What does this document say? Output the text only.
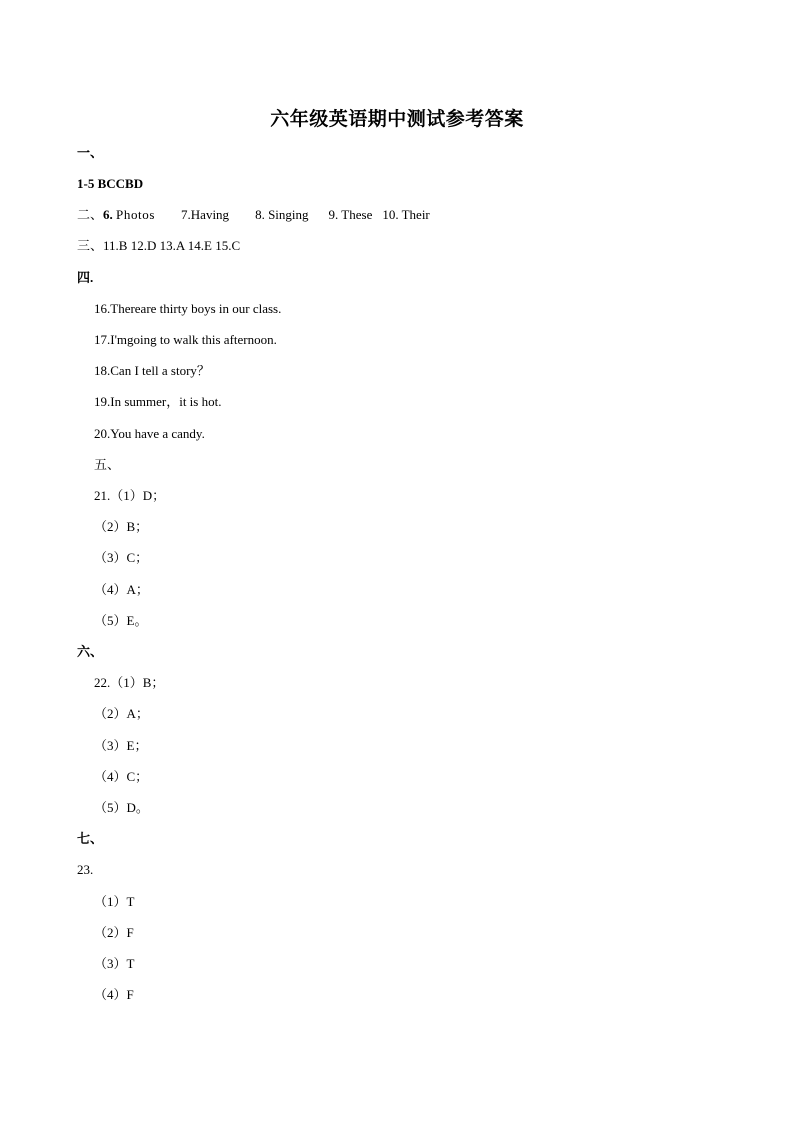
六年级英语期中测试参考答案
一、
1-5 BCCBD
二、6. Photos 7.Having 8. Singing 9. These 10. Their
三、11.B 12.D 13.A 14.E 15.C
四.
16.Thereare thirty boys in our class.
17.I'mgoing to walk this afternoon.
18.Can I tell a story？
19.In summer，it is hot.
20.You have a candy.
五、
21.（1）D；
（2）B；
（3）C；
（4）A；
（5）E。
六、
22.（1）B；
（2）A；
（3）E；
（4）C；
（5）D。
七、
23.
（1）T
（2）F
（3）T
（4）F
